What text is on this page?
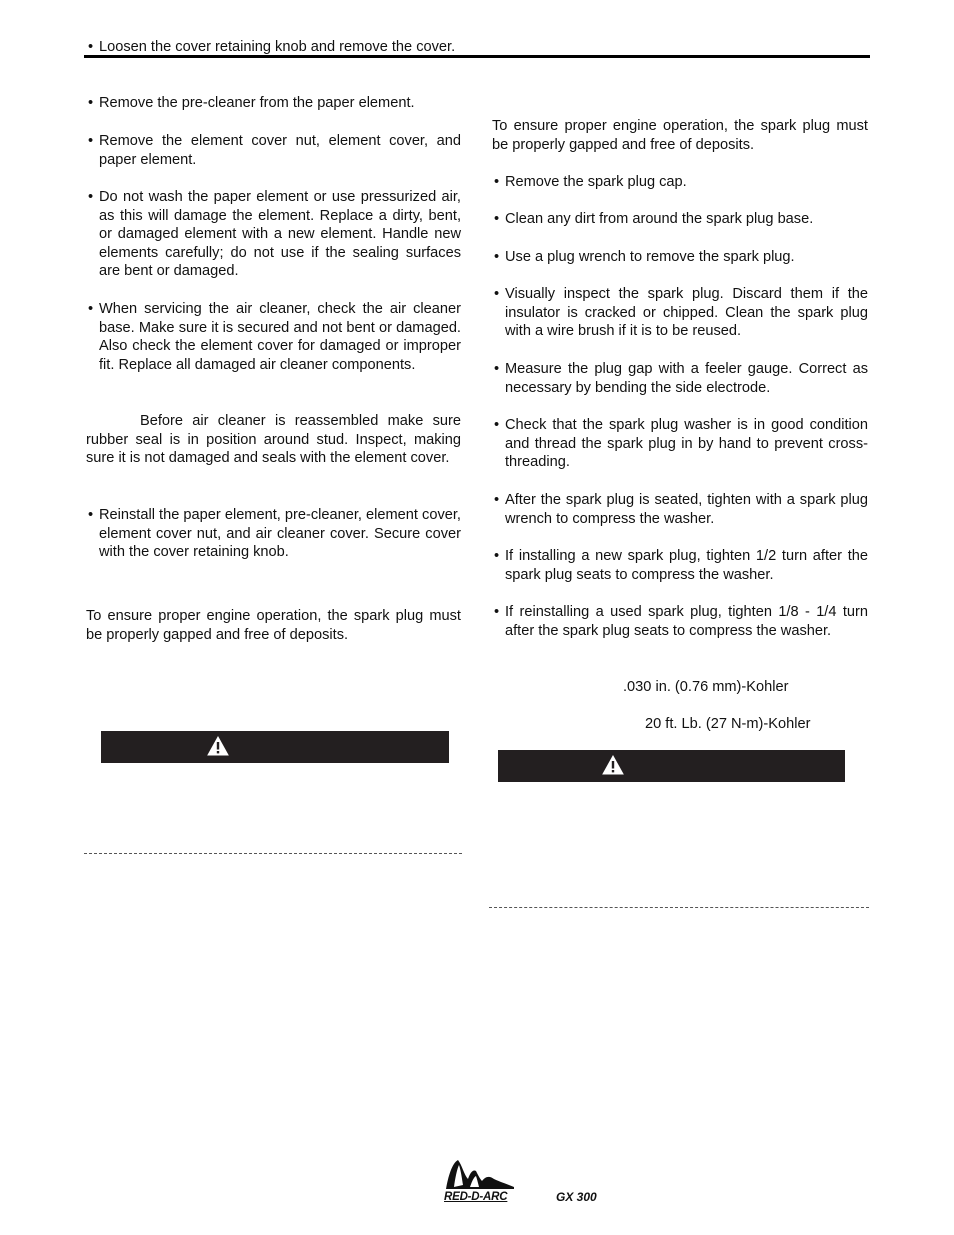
• Loosen the cover retaining knob and remove the cover.
• Remove the pre-cleaner from the paper element.
• Remove the element cover nut, element cover, and paper element.
• Do not wash the paper element or use pressurized air, as this will damage the element. Replace a dirty, bent, or damaged element with a new element. Handle new elements carefully; do not use if the sealing surfaces are bent or damaged.
• When servicing the air cleaner, check the air cleaner base. Make sure it is secured and not bent or damaged. Also check the element cover for damaged or improper fit. Replace all damaged air cleaner components.
Before air cleaner is reassembled make sure rubber seal is in position around stud. Inspect, making sure it is not damaged and seals with the element cover.
• Reinstall the paper element, pre-cleaner, element cover, element cover nut, and air cleaner cover. Secure cover with the cover retaining knob.
To ensure proper engine operation, the spark plug must be properly gapped and free of deposits.
To ensure proper engine operation, the spark plug must be properly gapped and free of deposits.
• Remove the spark plug cap.
• Clean any dirt from around the spark plug base.
• Use a plug wrench to remove the spark plug.
• Visually inspect the spark plug. Discard them if the insulator is cracked or chipped. Clean the spark plug with a wire brush if it is to be reused.
• Measure the plug gap with a feeler gauge. Correct as necessary by bending the side electrode.
• Check that the spark plug washer is in good condition and thread the spark plug in by hand to prevent cross-threading.
• After the spark plug is seated, tighten with a spark plug wrench to compress the washer.
• If installing a new spark plug, tighten 1/2 turn after the spark plug seats to compress the washer.
• If reinstalling a used spark plug, tighten 1/8 - 1/4 turn after the spark plug seats to compress the washer.
.030 in. (0.76 mm)-Kohler
20 ft. Lb. (27 N-m)-Kohler
RED-D-ARC	GX 300
